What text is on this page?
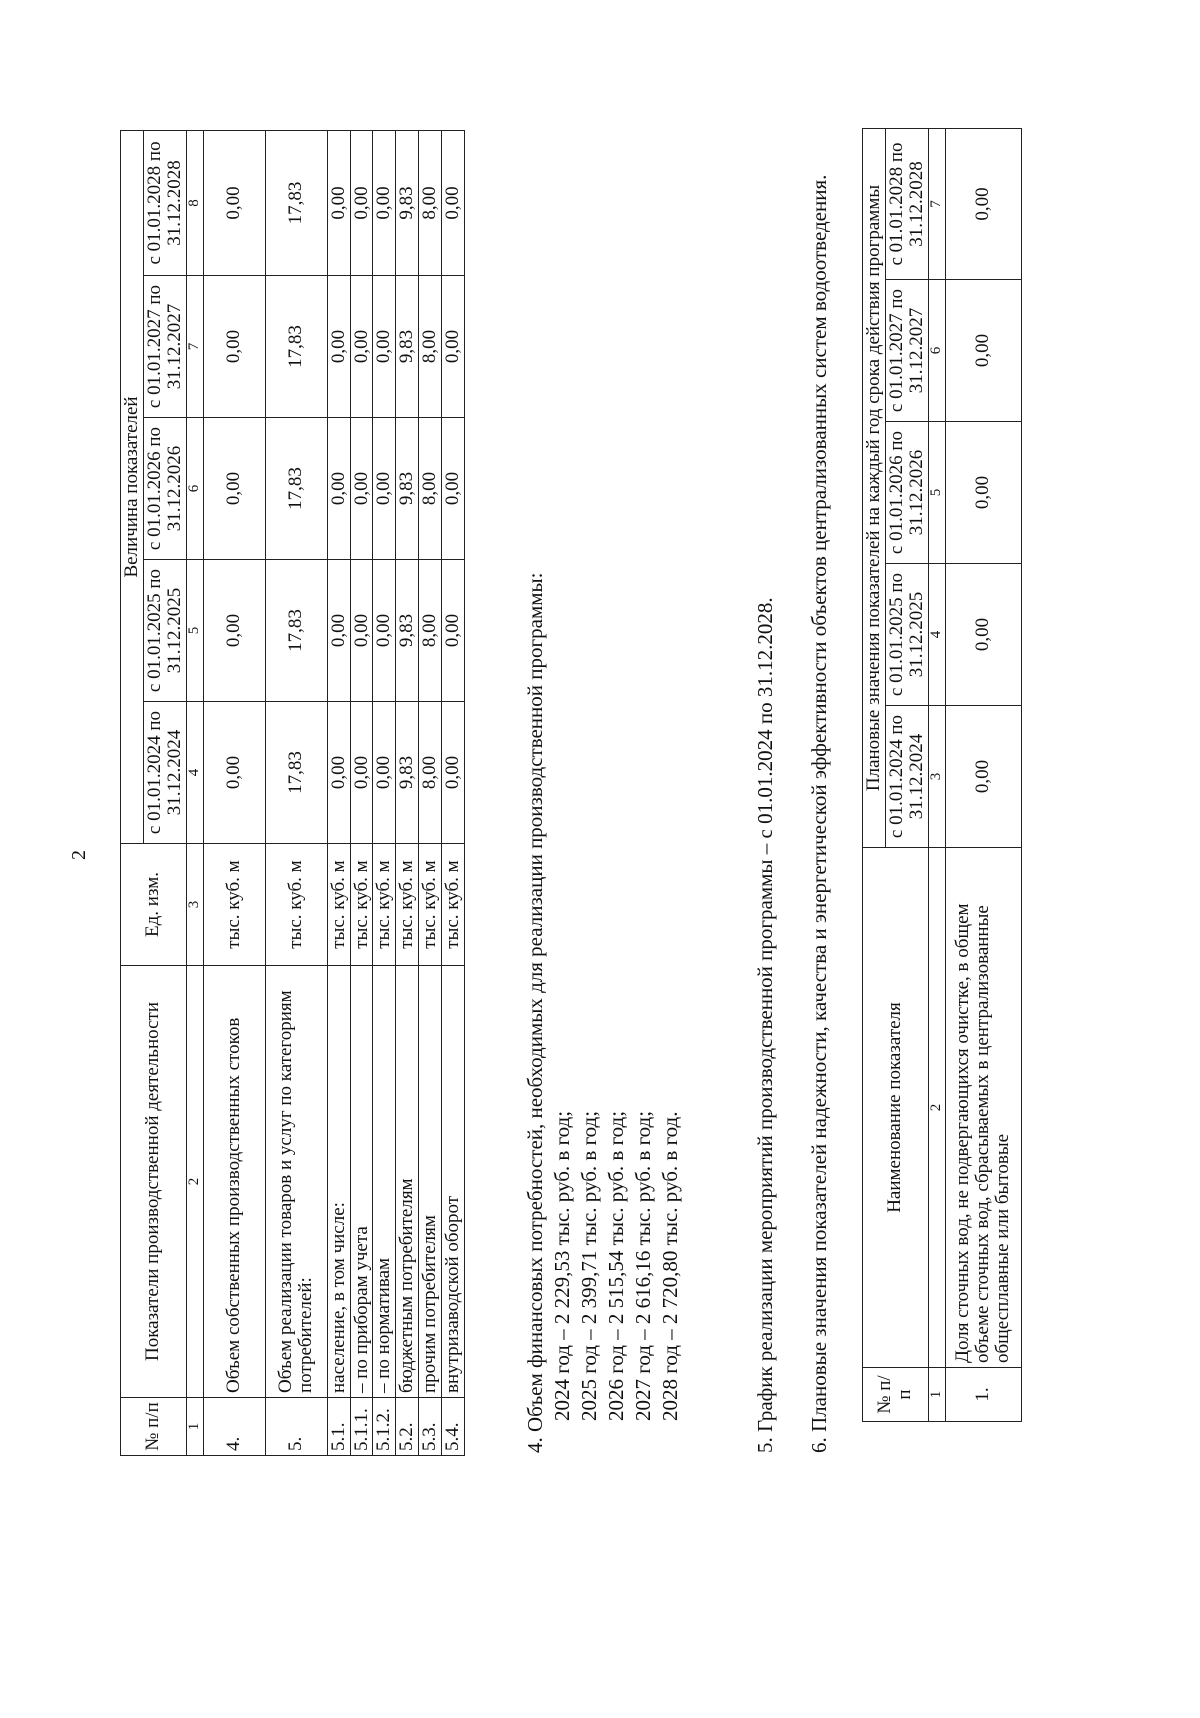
2
№ п/п	Показатели производственной деятельности	Ед. изм.	Величина показателей				
			с 01.01.2024 по 31.12.2024	с 01.01.2025 по 31.12.2025	с 01.01.2026 по 31.12.2026	с 01.01.2027 по 31.12.2027	с 01.01.2028 по 31.12.2028
1	2	3	4	5	6	7	8
4.	Объем собственных производственных стоков	тыс. куб. м	0,00	0,00	0,00	0,00	0,00
5.	Объем реализации товаров и услуг по категориям потребителей:	тыс. куб. м	17,83	17,83	17,83	17,83	17,83
5.1.	население, в том числе:	тыс. куб. м	0,00	0,00	0,00	0,00	0,00
5.1.1.	– по приборам учета	тыс. куб. м	0,00	0,00	0,00	0,00	0,00
5.1.2.	– по нормативам	тыс. куб. м	0,00	0,00	0,00	0,00	0,00
5.2.	бюджетным потребителям	тыс. куб. м	9,83	9,83	9,83	9,83	9,83
5.3.	прочим потребителям	тыс. куб. м	8,00	8,00	8,00	8,00	8,00
5.4.	внутризаводской оборот	тыс. куб. м	0,00	0,00	0,00	0,00	0,00
4. Объем финансовых потребностей, необходимых для реализации производственной программы: 2024 год – 2 229,53 тыс. руб. в год; 2025 год – 2 399,71 тыс. руб. в год; 2026 год – 2 515,54 тыс. руб. в год; 2027 год – 2 616,16 тыс. руб. в год; 2028 год – 2 720,80 тыс. руб. в год.	5. График реализации мероприятий производственной программы – с 01.01.2024 по 31.12.2028. 6. Плановые значения показателей надежности, качества и энергетической эффективности объектов централизованных систем водоотведения. № п/п	Наименование показателя	Плановые значения показателей на каждый год срока действия программы				
		с 01.01.2024 по 31.12.2024	с 01.01.2025 по 31.12.2025	с 01.01.2026 по 31.12.2026	с 01.01.2027 по 31.12.2027	с 01.01.2028 по 31.12.2028
1	2	3	4	5	6	7
1.	Доля сточных вод, не подвергающихся очистке, в общем объеме сточных вод, сбрасываемых в централизованные общесплавные или бытовые	0,00	0,00	0,00	0,00	0,00
